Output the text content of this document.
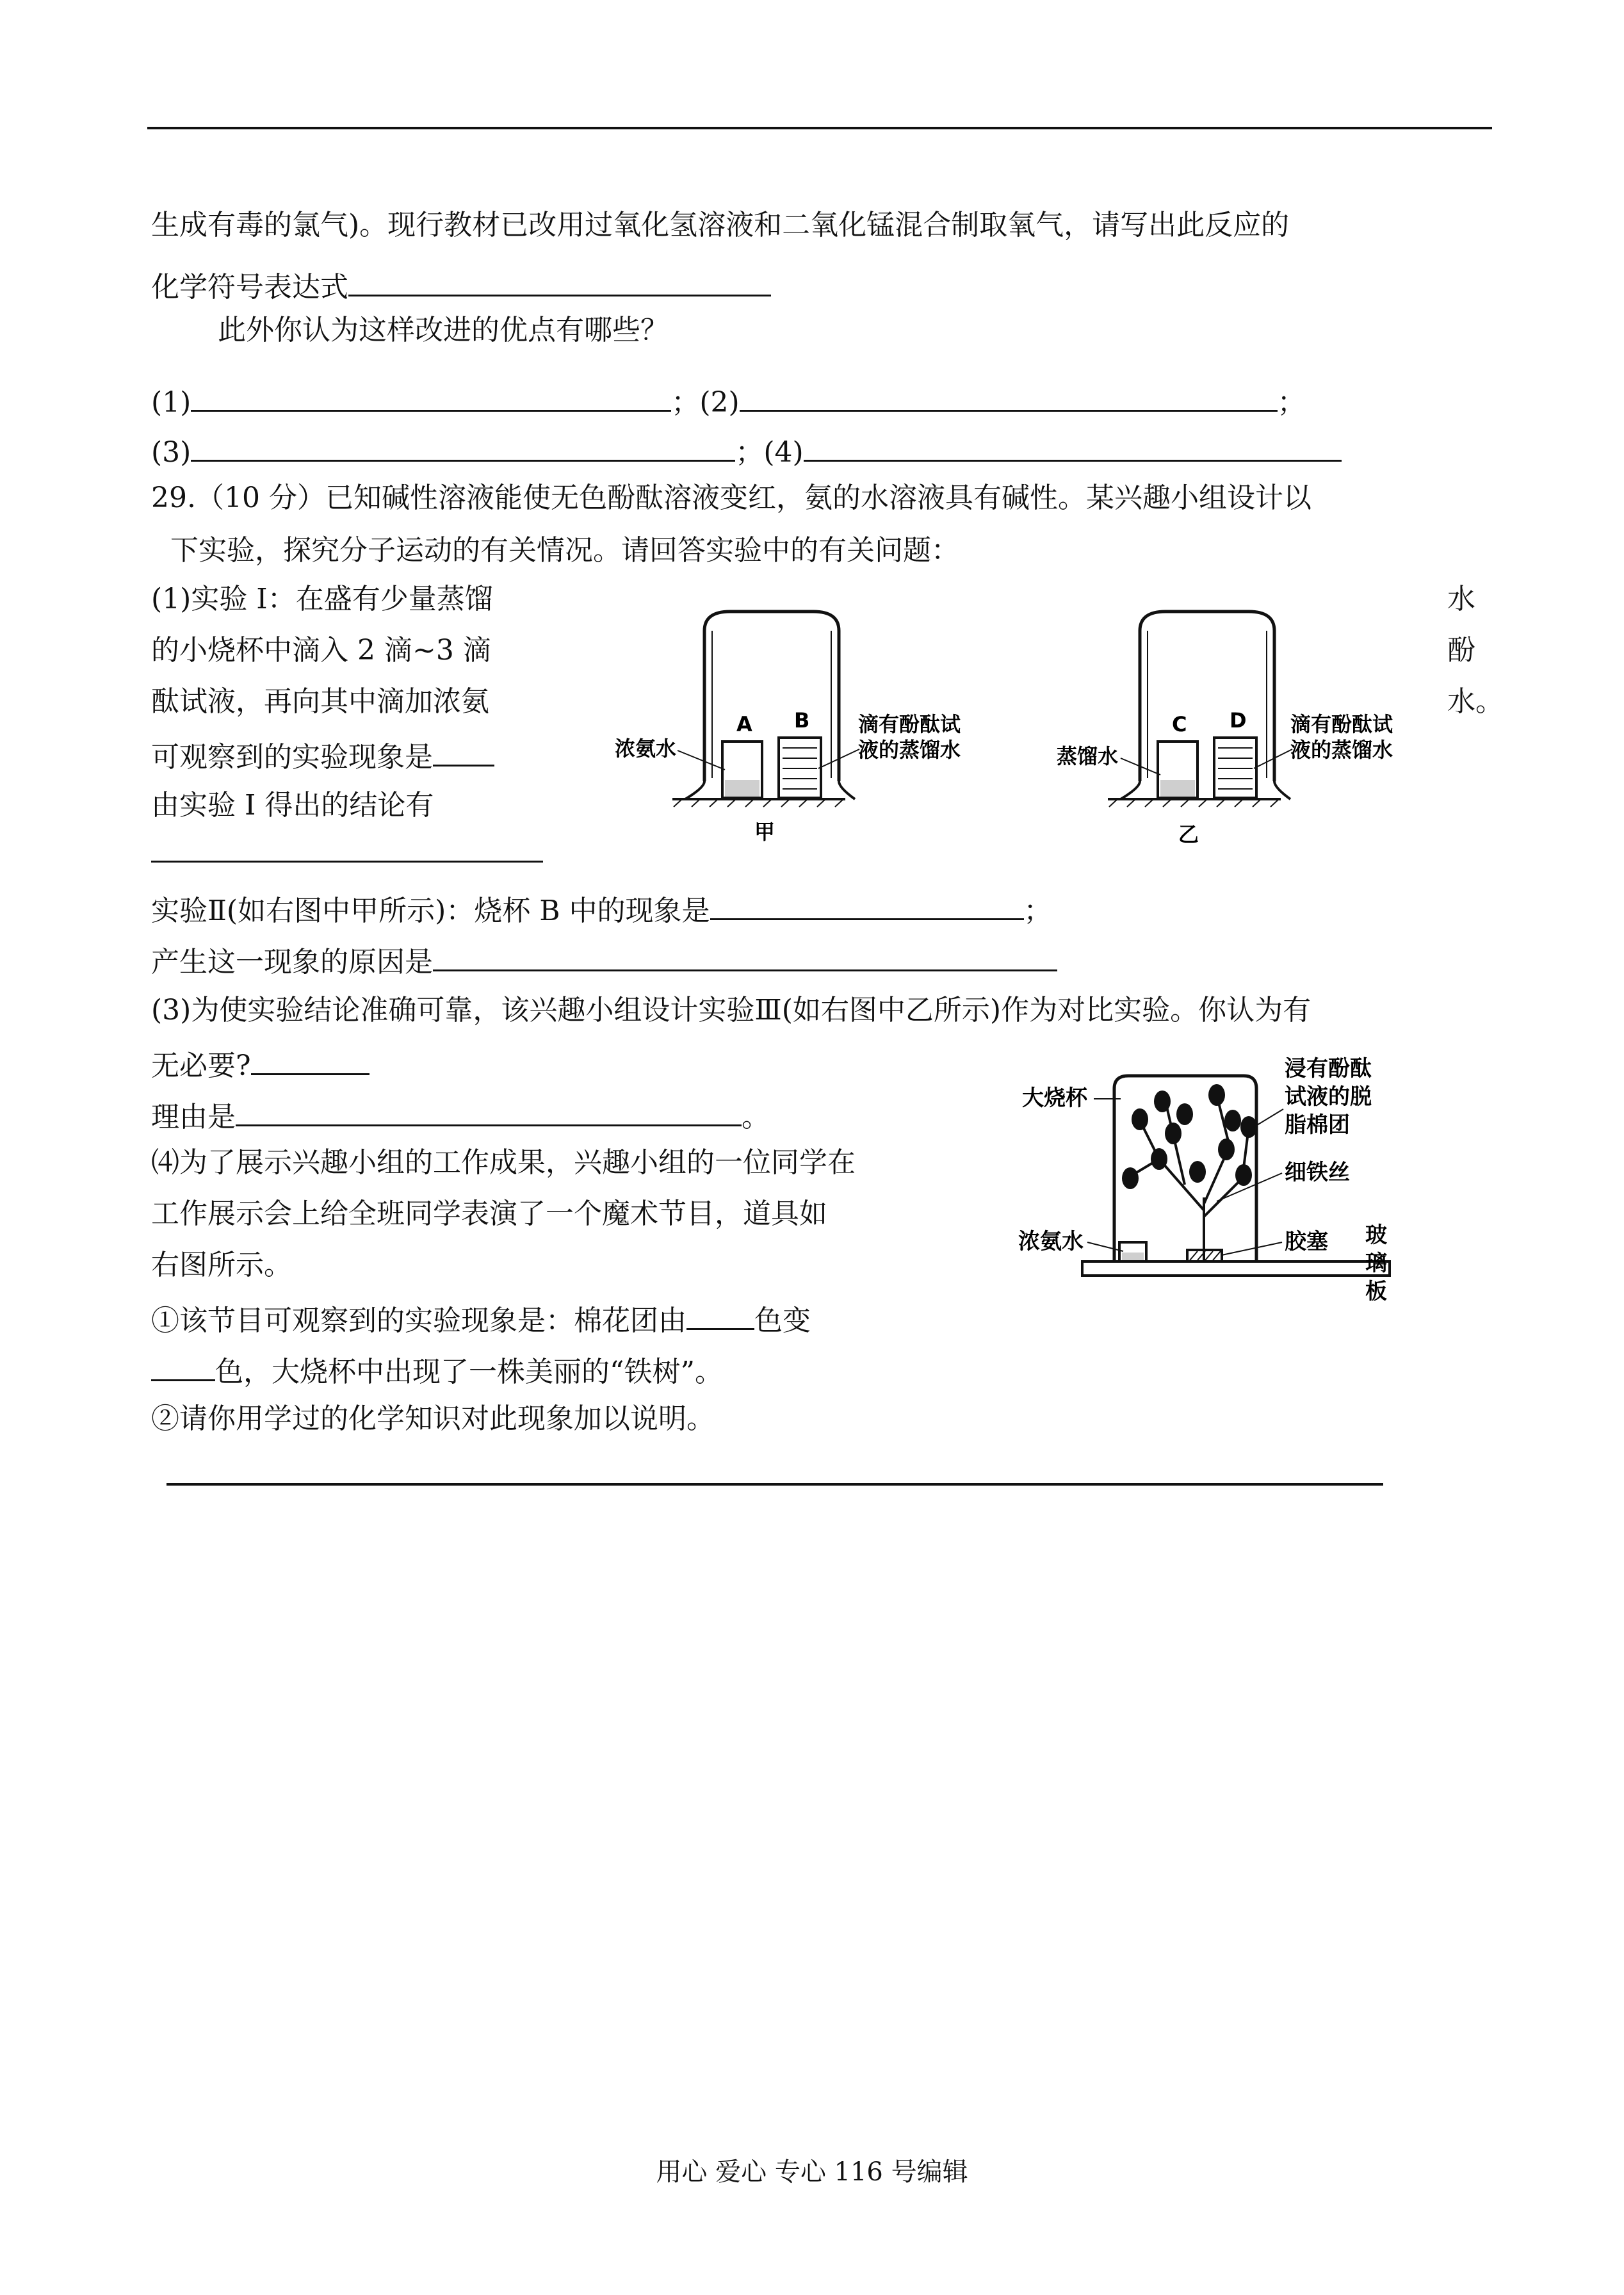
生成有毒的氯气)。现行教材已改用过氧化氢溶液和二氧化锰混合制取氧气，请写出此反应的
化学符号表达式
此外你认为这样改进的优点有哪些？
(1)	；(2)	；
(3)	；(4)
29.（10 分）已知碱性溶液能使无色酚酞溶液变红，氨的水溶液具有碱性。某兴趣小组设计以
下实验，探究分子运动的有关情况。请回答实验中的有关问题：
(1)实验 I：在盛有少量蒸馏	水
的小烧杯中滴入 2 滴~3 滴	酚
酞试液，再向其中滴加浓氨	水。
可观察到的实验现象是
由实验 I 得出的结论有
实验Ⅱ(如右图中甲所示)：烧杯 B 中的现象是	；
产生这一现象的原因是
(3)为使实验结论准确可靠，该兴趣小组设计实验Ⅲ(如右图中乙所示)作为对比实验。你认为有
无必要?
理由是	。
⑷为了展示兴趣小组的工作成果，兴趣小组的一位同学在
工作展示会上给全班同学表演了一个魔术节目，道具如
右图所示。
①该节目可观察到的实验现象是：棉花团由 色变
色，大烧杯中出现了一株美丽的“铁树”。
②请你用学过的化学知识对此现象加以说明。
A B
浓氨水
滴有酚酞试
液的蒸馏水
甲
C D
蒸馏水
滴有酚酞试
液的蒸馏水
乙
大烧杯
浸有酚酞
试液的脱
脂棉团
细铁丝
浓氨水	胶塞 玻
璃
板
用心 爱心 专心 116 号编辑
